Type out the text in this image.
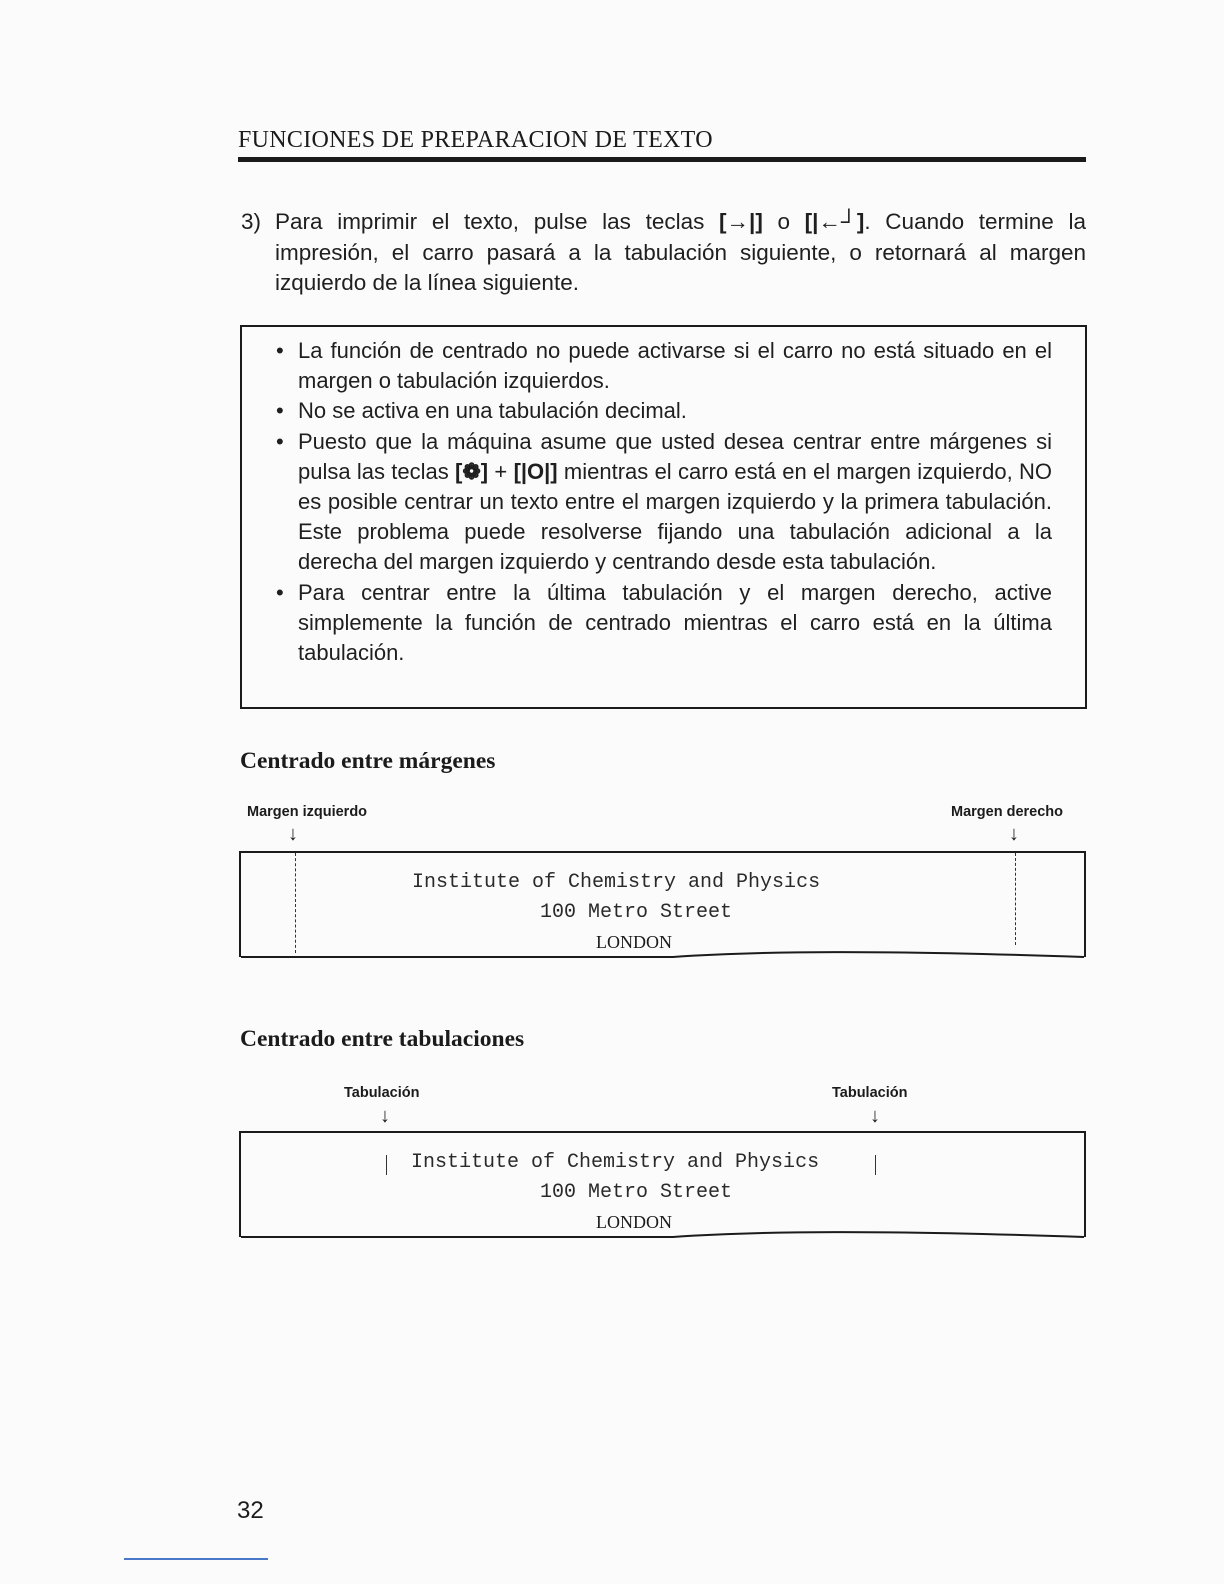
FUNCIONES DE PREPARACION DE TEXTO
3) Para imprimir el texto, pulse las teclas [→|] o [|←┘]. Cuando termine la impresión, el carro pasará a la tabulación siguiente, o retornará al margen izquierdo de la línea siguiente.
• La función de centrado no puede activarse si el carro no está situado en el margen o tabulación izquierdos.
• No se activa en una tabulación decimal.
• Puesto que la máquina asume que usted desea centrar entre márgenes si pulsa las teclas [❁] + [|O|] mientras el carro está en el margen izquierdo, NO es posible centrar un texto entre el margen izquierdo y la primera tabulación. Este problema puede resolverse fijando una tabulación adicional a la derecha del margen izquierdo y centrando desde esta tabulación.
• Para centrar entre la última tabulación y el margen derecho, active simplemente la función de centrado mientras el carro está en la última tabulación.
Centrado entre márgenes
Margen izquierdo	Margen derecho
↓	↓
Institute of Chemistry and Physics
100 Metro Street
LONDON
Centrado entre tabulaciones
Tabulación	Tabulación
↓	↓
Institute of Chemistry and Physics
100 Metro Street
LONDON
32
